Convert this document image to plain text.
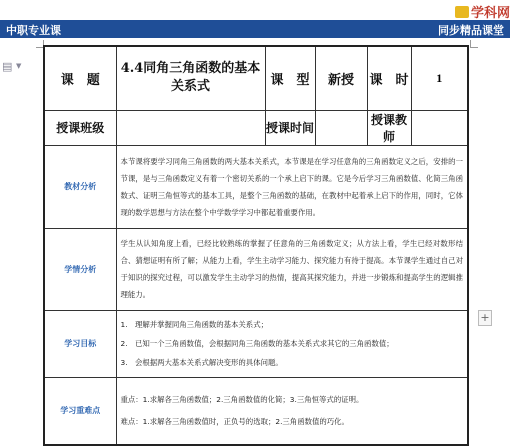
学科网
中职专业课	同步精品课堂
▤ ▼
+
课　题	4.4同角三角函数的基本关系式	课　型	新授	课　时	1
授课班级		授课时间		授课教师	
教材分析	本节课将要学习同角三角函数的两大基本关系式，本节课是在学习任意角的三角函数定义之后，安排的一节课，是与三角函数定义有着一个密切关系的一个承上启下的课。它是今后学习三角函数值、化简三角函数式、证明三角恒等式的基本工具，是整个三角函数的基础，在教材中起着承上启下的作用，同时，它体现的数学思想与方法在整个中学数学学习中都起着重要作用。				

学情分析	学生从认知角度上看，已经比较熟练的掌握了任意角的三角函数定义；从方法上看，学生已经对数形结合、猜想证明有所了解；从能力上看，学生主动学习能力、探究能力有待于提高。本节课学生通过自己对于知识的探究过程，可以激发学生主动学习的热情，提高其探究能力，并进一步锻炼和提高学生的逻辑推理能力。				

学习目标	1.　理解并掌握同角三角函数的基本关系式；

2.　已知一个三角函数值，会根据同角三角函数的基本关系式求其它的三角函数值；

3.　会根据两大基本关系式解决变形的具体问题。				

学习重难点	重点：1.求解各三角函数值；2.三角函数值的化简；3.三角恒等式的证明。

难点：1.求解各三角函数值时，正负号的选取；2.三角函数值的巧化。				
